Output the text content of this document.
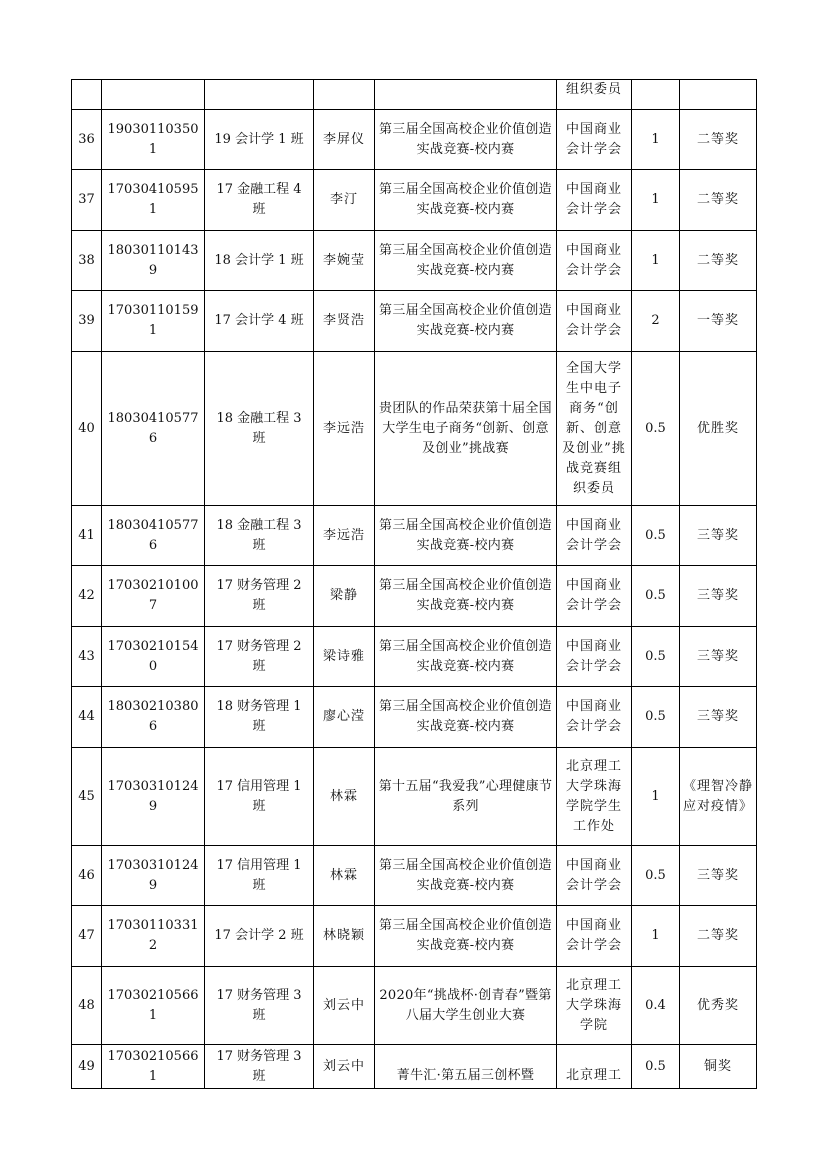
					组织委员		
36	190301103501	19 会计学 1 班	李屏仪	第三届全国高校企业价值创造实战竞赛-校内赛	中国商业会计学会	1	二等奖
37	170304105951	17 金融工程 4 班	李汀	第三届全国高校企业价值创造实战竞赛-校内赛	中国商业会计学会	1	二等奖
38	180301101439	18 会计学 1 班	李婉莹	第三届全国高校企业价值创造实战竞赛-校内赛	中国商业会计学会	1	二等奖
39	170301101591	17 会计学 4 班	李贤浩	第三届全国高校企业价值创造实战竞赛-校内赛	中国商业会计学会	2	一等奖
40	180304105776	18 金融工程 3 班	李远浩	贵团队的作品荣获第十届全国大学生电子商务“创新、创意及创业”挑战赛	全国大学生中电子商务“创新、创意及创业”挑战竞赛组织委员	0.5	优胜奖
41	180304105776	18 金融工程 3 班	李远浩	第三届全国高校企业价值创造实战竞赛-校内赛	中国商业会计学会	0.5	三等奖
42	170302101007	17 财务管理 2 班	梁静	第三届全国高校企业价值创造实战竞赛-校内赛	中国商业会计学会	0.5	三等奖
43	170302101540	17 财务管理 2 班	梁诗雅	第三届全国高校企业价值创造实战竞赛-校内赛	中国商业会计学会	0.5	三等奖
44	180302103806	18 财务管理 1 班	廖心滢	第三届全国高校企业价值创造实战竞赛-校内赛	中国商业会计学会	0.5	三等奖
45	170303101249	17 信用管理 1 班	林霖	第十五届“我爱我”心理健康节系列	北京理工大学珠海学院学生工作处	1	《理智冷静应对疫情》
46	170303101249	17 信用管理 1 班	林霖	第三届全国高校企业价值创造实战竞赛-校内赛	中国商业会计学会	0.5	三等奖
47	170301103312	17 会计学 2 班	林晓颖	第三届全国高校企业价值创造实战竞赛-校内赛	中国商业会计学会	1	二等奖
48	170302105661	17 财务管理 3 班	刘云中	2020年“挑战杯·创青春”暨第八届大学生创业大赛	北京理工大学珠海学院	0.4	优秀奖
49	170302105661	17 财务管理 3 班	刘云中	菁牛汇·第五届三创杯暨	北京理工	0.5	铜奖
